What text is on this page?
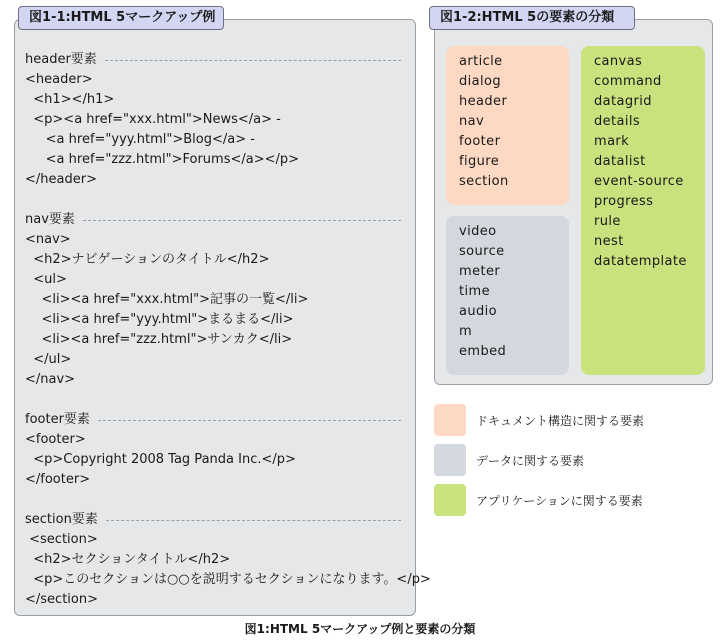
図1-1:HTML 5マークアップ例
header要素
<header>
<h1></h1>
<p><a href="xxx.html">News</a> -
<a href="yyy.html">Blog</a> -
<a href="zzz.html">Forums</a></p>
</header>
nav要素
<nav>
<h2>ナビゲーションのタイトル</h2>
<ul>
<li><a href="xxx.html">記事の一覧</li>
<li><a href="yyy.html">まるまる</li>
<li><a href="zzz.html">サンカク</li>
</ul>
</nav>
footer要素
<footer>
<p>Copyright 2008 Tag Panda Inc.</p>
</footer>
section要素
<section>
<h2>セクションタイトル</h2>
<p>このセクションは○○を説明するセクションになります。</p>
</section>
図1-2:HTML 5の要素の分類
article
dialog
header
nav
footer
figure
section
video
source
meter
time
audio
m
embed
canvas
command
datagrid
details
mark
datalist
event-source
progress
rule
nest
datatemplate
ドキュメント構造に関する要素
データに関する要素
アプリケーションに関する要素
図1:HTML 5マークアップ例と要素の分類
